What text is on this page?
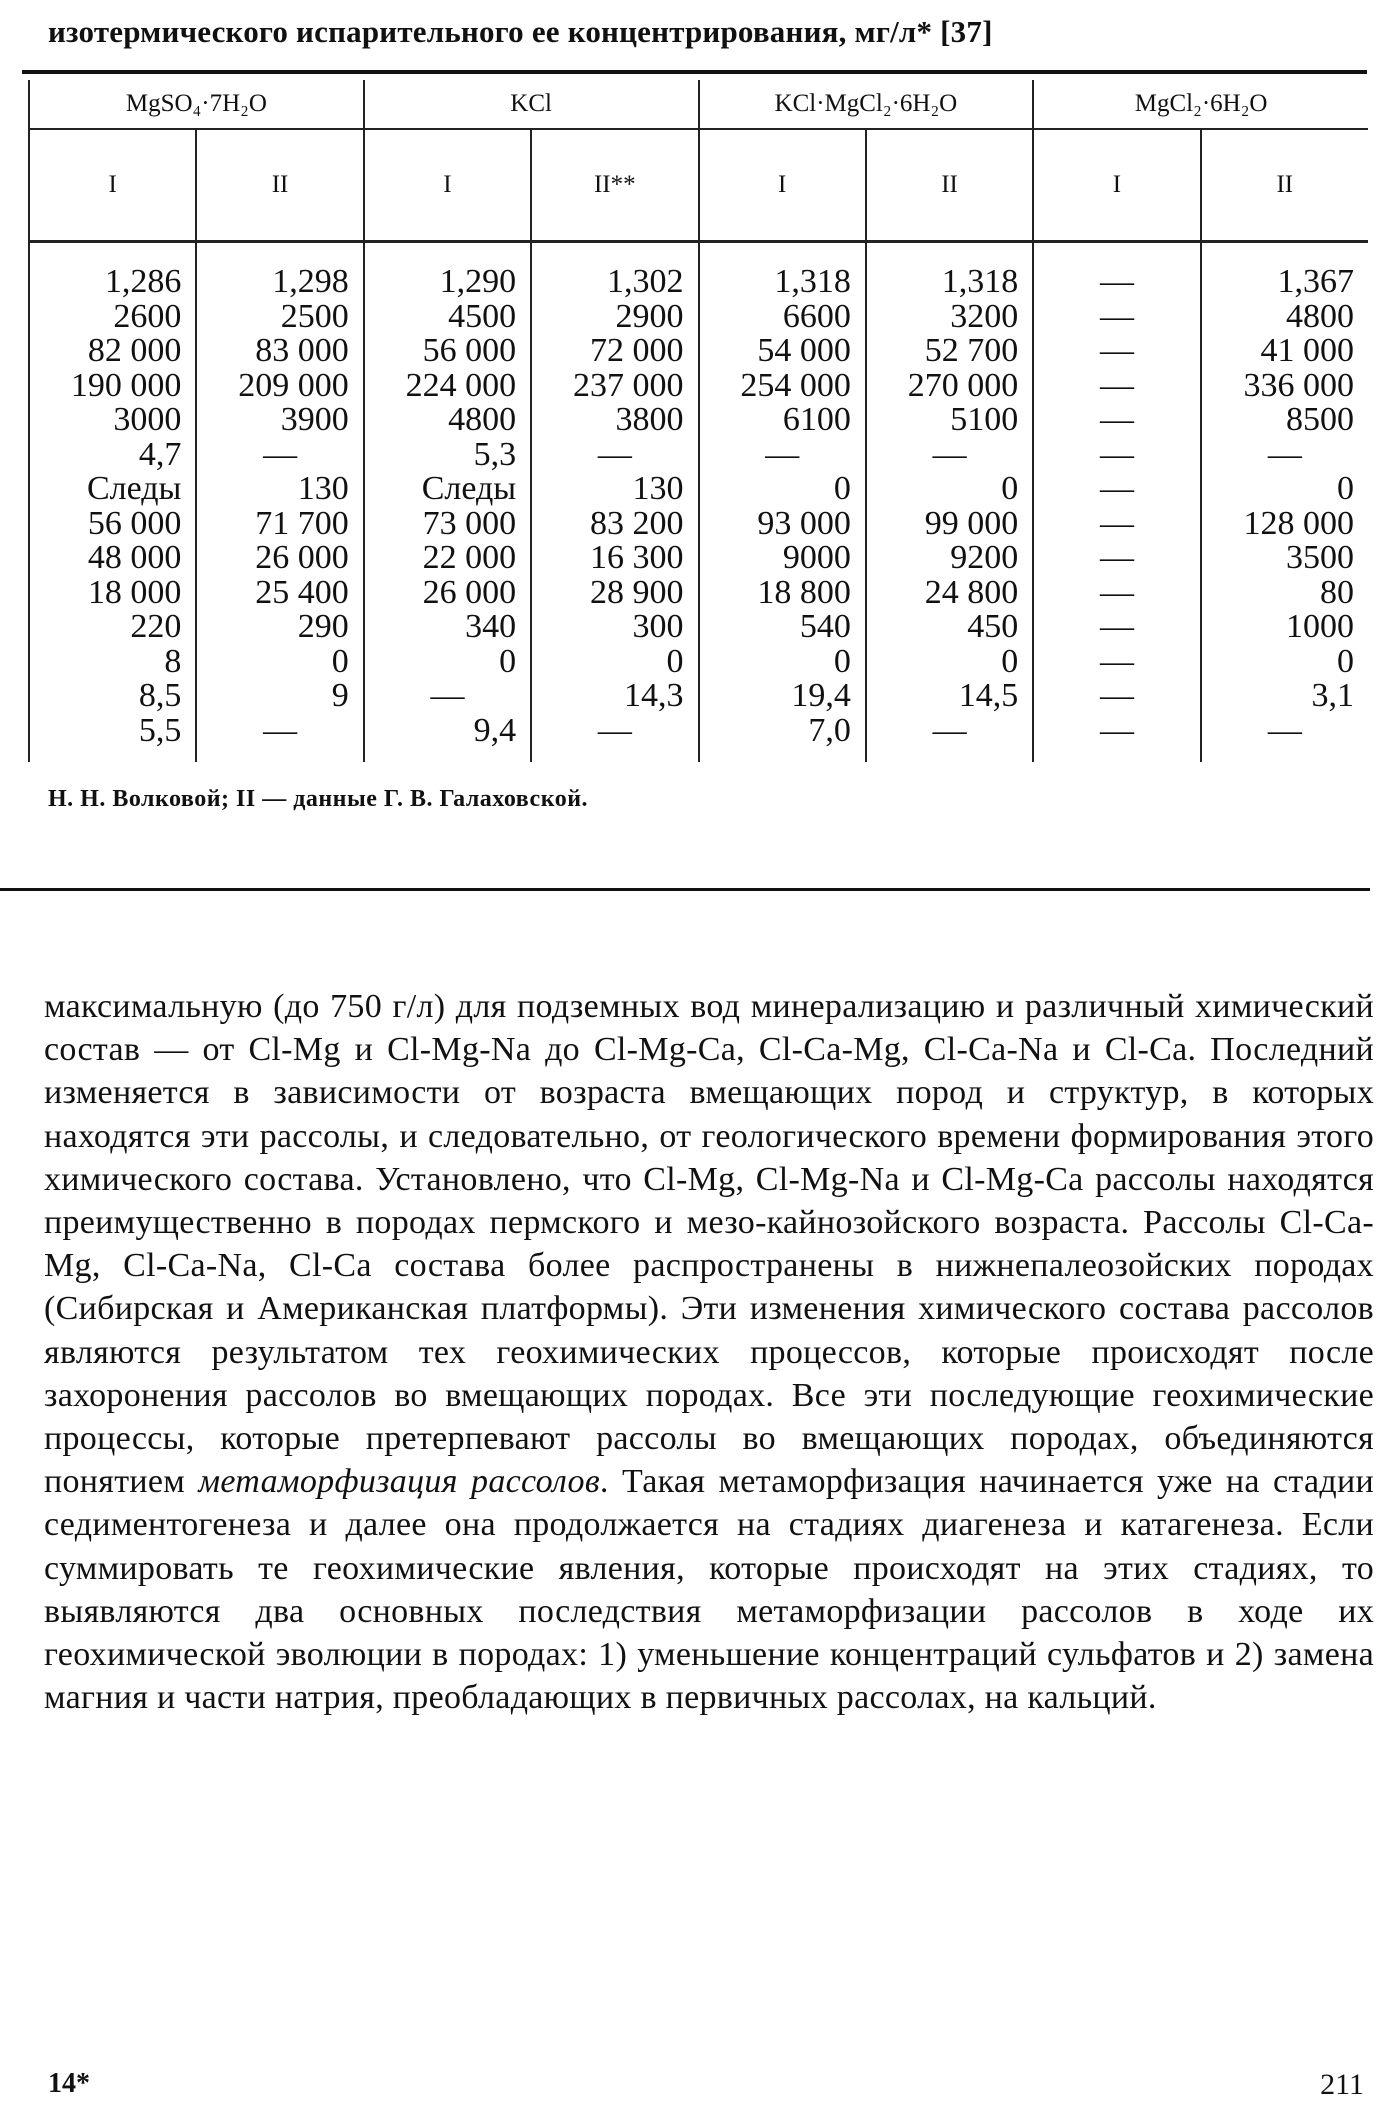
изотермического испарительного ее концентрирования, мг/л* [37]
MgSO₄·7H₂O		KCl		KCl·MgCl₂·6H₂O		MgCl₂·6H₂O	
I	II	I	II**	I	II	I	II
1,286	1,298	1,290	1,302	1,318	1,318	—	1,367
2600	2500	4500	2900	6600	3200	—	4800
82 000	83 000	56 000	72 000	54 000	52 700	—	41 000
190 000	209 000	224 000	237 000	254 000	270 000	—	336 000
3000	3900	4800	3800	6100	5100	—	8500
4,7	—	5,3	—	—	—	—	—
Следы	130	Следы	130	0	0	—	0
56 000	71 700	73 000	83 200	93 000	99 000	—	128 000
48 000	26 000	22 000	16 300	9000	9200	—	3500
18 000	25 400	26 000	28 900	18 800	24 800	—	80
220	290	340	300	540	450	—	1000
8	0	0	0	0	0	—	0
8,5	9	—	14,3	19,4	14,5	—	3,1
5,5	—	9,4	—	7,0	—	—	—
Н. Н. Волковой; II — данные Г. В. Галаховской.
максимальную (до 750 г/л) для подземных вод минерализацию и различный химический состав — от Cl-Mg и Cl-Mg-Na до Cl-Mg-Ca, Cl-Ca-Mg, Cl-Ca-Na и Cl-Ca. Последний изменяется в зависимости от возраста вмещающих пород и структур, в которых находятся эти рассолы, и следовательно, от геологического времени формирования этого химического состава. Установлено, что Cl-Mg, Cl-Mg-Na и Cl-Mg-Ca рассолы находятся преимущественно в породах пермского и мезо-кайнозойского возраста. Рассолы Cl-Ca-Mg, Cl-Ca-Na, Cl-Ca состава более распространены в нижнепалеозойских породах (Сибирская и Американская платформы). Эти изменения химического состава рассолов являются результатом тех геохимических процессов, которые происходят после захоронения рассолов во вмещающих породах. Все эти последующие геохимические процессы, которые претерпевают рассолы во вмещающих породах, объединяются понятием метаморфизация рассолов. Такая метаморфизация начинается уже на стадии седиментогенеза и далее она продолжается на стадиях диагенеза и катагенеза. Если суммировать те геохимические явления, которые происходят на этих стадиях, то выявляются два основных последствия метаморфизации рассолов в ходе их геохимической эволюции в породах: 1) уменьшение концентраций сульфатов и 2) замена магния и части натрия, преобладающих в первичных рассолах, на кальций.
14*	211
